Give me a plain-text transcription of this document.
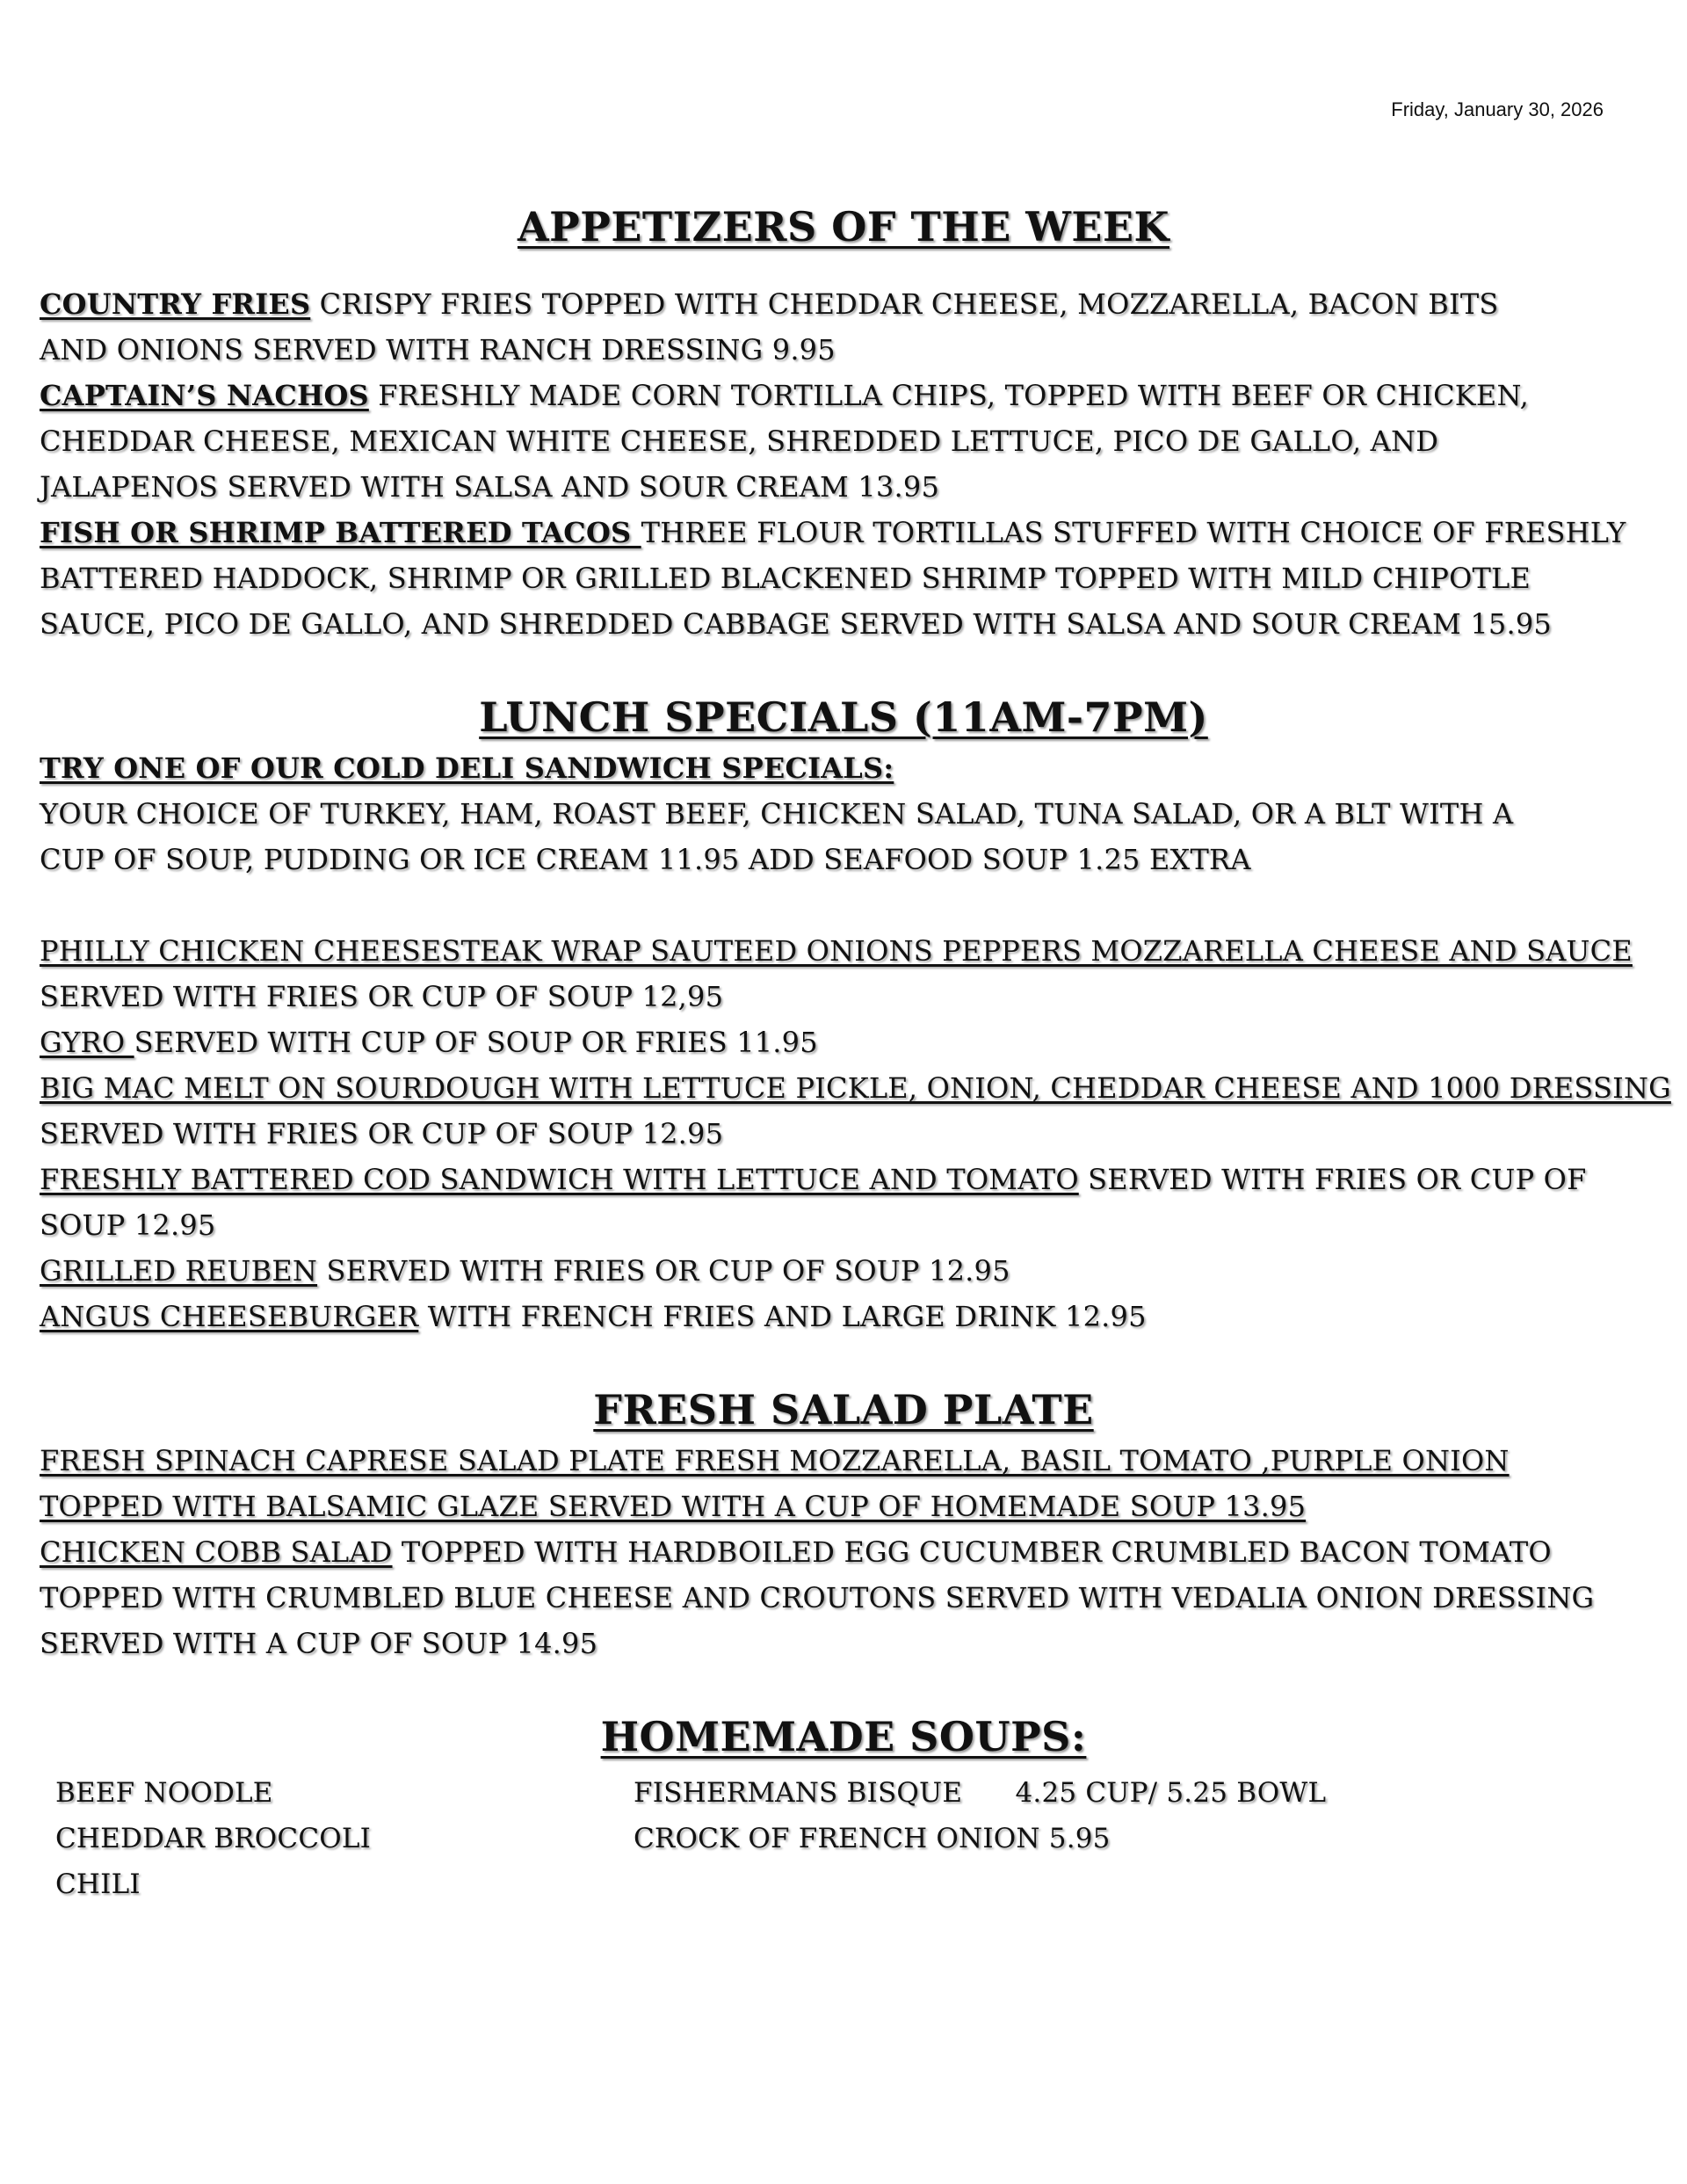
Friday, January 30, 2026
APPETIZERS OF THE WEEK
COUNTRY FRIES CRISPY FRIES TOPPED WITH CHEDDAR CHEESE, MOZZARELLA, BACON BITS
AND ONIONS SERVED WITH RANCH DRESSING 9.95
CAPTAIN’S NACHOS FRESHLY MADE CORN TORTILLA CHIPS, TOPPED WITH BEEF OR CHICKEN,
CHEDDAR CHEESE, MEXICAN WHITE CHEESE, SHREDDED LETTUCE, PICO DE GALLO, AND
JALAPENOS SERVED WITH SALSA AND SOUR CREAM 13.95
FISH OR SHRIMP BATTERED TACOS THREE FLOUR TORTILLAS STUFFED WITH CHOICE OF FRESHLY
BATTERED HADDOCK, SHRIMP OR GRILLED BLACKENED SHRIMP TOPPED WITH MILD CHIPOTLE
SAUCE, PICO DE GALLO, AND SHREDDED CABBAGE SERVED WITH SALSA AND SOUR CREAM 15.95
LUNCH SPECIALS (11AM-7PM)
TRY ONE OF OUR COLD DELI SANDWICH SPECIALS:
YOUR CHOICE OF TURKEY, HAM, ROAST BEEF, CHICKEN SALAD, TUNA SALAD, OR A BLT WITH A
CUP OF SOUP, PUDDING OR ICE CREAM 11.95 ADD SEAFOOD SOUP 1.25 EXTRA
PHILLY CHICKEN CHEESESTEAK WRAP SAUTEED ONIONS PEPPERS MOZZARELLA CHEESE AND SAUCE
SERVED WITH FRIES OR CUP OF SOUP 12,95
GYRO SERVED WITH CUP OF SOUP OR FRIES 11.95
BIG MAC MELT ON SOURDOUGH WITH LETTUCE PICKLE, ONION, CHEDDAR CHEESE AND 1000 DRESSING
SERVED WITH FRIES OR CUP OF SOUP 12.95
FRESHLY BATTERED COD SANDWICH WITH LETTUCE AND TOMATO SERVED WITH FRIES OR CUP OF
SOUP 12.95
GRILLED REUBEN SERVED WITH FRIES OR CUP OF SOUP 12.95
ANGUS CHEESEBURGER WITH FRENCH FRIES AND LARGE DRINK 12.95
FRESH SALAD PLATE
FRESH SPINACH CAPRESE SALAD PLATE FRESH MOZZARELLA, BASIL TOMATO ,PURPLE ONION
TOPPED WITH BALSAMIC GLAZE SERVED WITH A CUP OF HOMEMADE SOUP 13.95
CHICKEN COBB SALAD TOPPED WITH HARDBOILED EGG CUCUMBER CRUMBLED BACON TOMATO
TOPPED WITH CRUMBLED BLUE CHEESE AND CROUTONS SERVED WITH VEDALIA ONION DRESSING
SERVED WITH A CUP OF SOUP 14.95
HOMEMADE SOUPS:
BEEF NOODLE
CHEDDAR BROCCOLI
CHILI
FISHERMANS BISQUE      4.25 CUP/ 5.25 BOWL
CROCK OF FRENCH ONION 5.95
